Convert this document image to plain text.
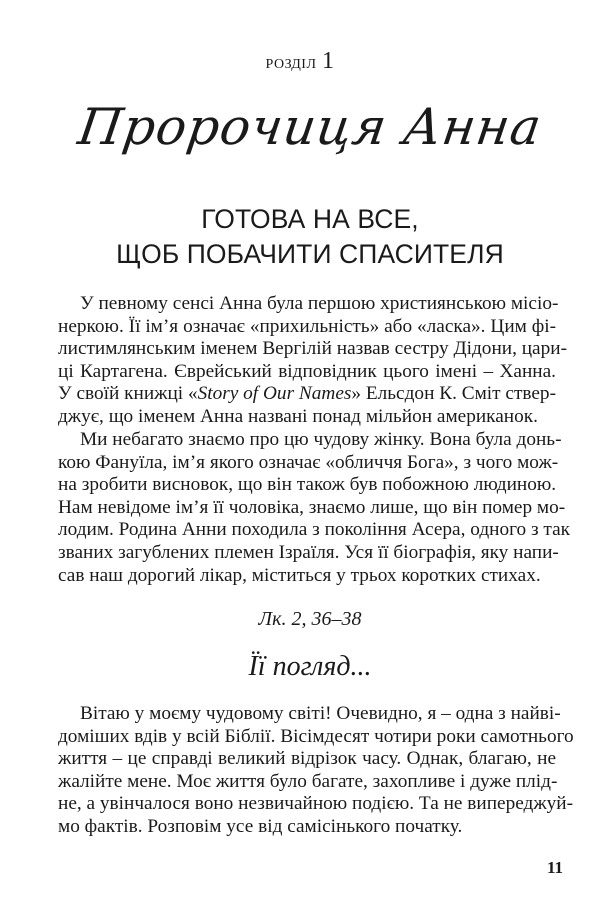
розділ 1
Пророчиця Анна
ГОТОВА НА ВСЕ,
ЩОБ ПОБАЧИТИ СПАСИТЕЛЯ
У певному сенсі Анна була першою християнською місіо-
неркою. Її ім’я означає «прихильність» або «ласка». Цим фі-
листимлянським іменем Вергілій назвав сестру Дідони, цари-
ці Картагена. Єврейський відповідник цього імені – Ханна.
У своїй книжці «Story of Our Names» Ельсдон К. Сміт ствер-
джує, що іменем Анна названі понад мільйон американок.
Ми небагато знаємо про цю чудову жінку. Вона була донь-
кою Фануїла, ім’я якого означає «обличчя Бога», з чого мож-
на зробити висновок, що він також був побожною людиною.
Нам невідоме ім’я її чоловіка, знаємо лише, що він помер мо-
лодим. Родина Анни походила з покоління Асера, одного з так
званих загублених племен Ізраїля. Уся її біографія, яку напи-
сав наш дорогий лікар, міститься у трьох коротких стихах.
Лк. 2, 36–38
Її погляд...
Вітаю у моєму чудовому світі! Очевидно, я – одна з найві-
доміших вдів у всій Біблії. Вісімдесят чотири роки самотнього
життя – це справді великий відрізок часу. Однак, благаю, не
жалійте мене. Моє життя було багате, захопливе і дуже плід-
не, а увінчалося воно незвичайною подією. Та не випереджуй-
мо фактів. Розповім усе від самісінького початку.
11
